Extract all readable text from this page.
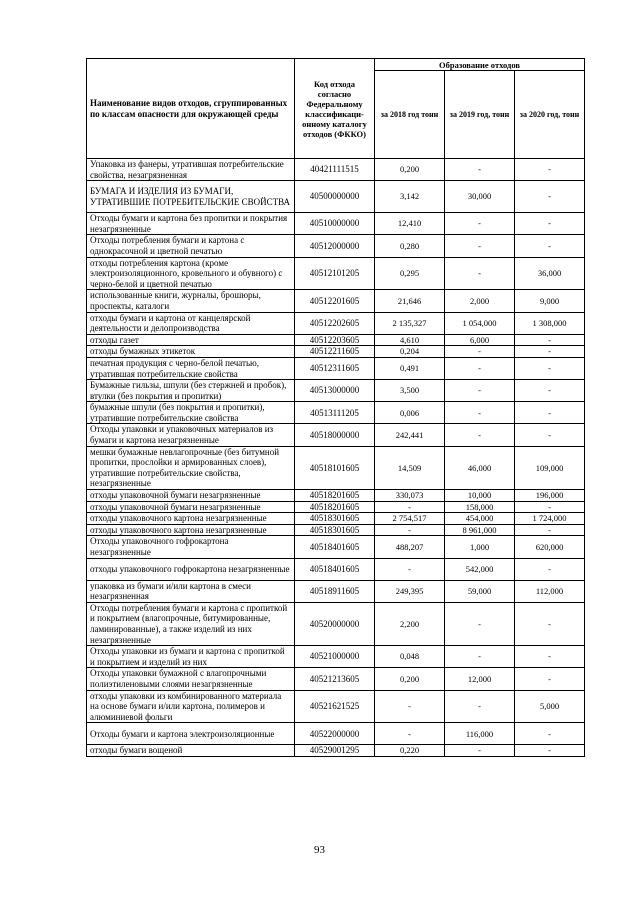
Наименование видов отходов, сгруппированных по классам опасности для окружающей среды	Код отхода согласно Федеральному классификаци-онному каталогу отходов (ФККО)	Образование отходов		
		за 2018 год тонн	за 2019 год, тонн	за 2020 год, тонн
Упаковка из фанеры, утратившая потребительские свойства, незагрязненная	40421111515	0,200	-	-
БУМАГА И ИЗДЕЛИЯ ИЗ БУМАГИ, УТРАТИВШИЕ ПОТРЕБИТЕЛЬСКИЕ СВОЙСТВА	40500000000	3,142	30,000	-
Отходы бумаги и картона без пропитки и покрытия незагрязненные	40510000000	12,410	-	-
Отходы потребления бумаги и картона с однокрасочной и цветной печатью	40512000000	0,280	-	-
отходы потребления картона (кроме электроизоляционного, кровельного и обувного) с черно-белой и цветной печатью	40512101205	0,295	-	36,000
использованные книги, журналы, брошюры, проспекты, каталоги	40512201605	21,646	2,000	9,000
отходы бумаги и картона от канцелярской деятельности и делопроизводства	40512202605	2 135,327	1 054,000	1 308,000
отходы газет	40512203605	4,610	6,000	-
отходы бумажных этикеток	40512211605	0,204	-	-
печатная продукция с черно-белой печатью, утратившая потребительские свойства	40512311605	0,491	-	-
Бумажные гильзы, шпули (без стержней и пробок), втулки (без покрытия и пропитки)	40513000000	3,500	-	-
бумажные шпули (без покрытия и пропитки), утратившие потребительские свойства	40513111205	0,006	-	-
Отходы упаковки и упаковочных материалов из бумаги и картона незагрязненные	40518000000	242,441	-	-
мешки бумажные невлагопрочные (без битумной пропитки, прослойки и армированных слоев), утратившие потребительские свойства, незагрязненные	40518101605	14,509	46,000	109,000
отходы упаковочной бумаги незагрязненные	40518201605	330,073	10,000	196,000
отходы упаковочной бумаги незагрязненные	40518201605	-	158,000	-
отходы упаковочного картона незагрязненные	40518301605	2 754,517	454,000	1 724,000
отходы упаковочного картона незагрязненные	40518301605	-	8 961,000	-
Отходы упаковочного гофрокартона незагрязненные	40518401605	488,207	1,000	620,000
отходы упаковочного гофрокартона незагрязненные	40518401605	-	542,000	-
упаковка из бумаги и/или картона в смеси незагрязненная	40518911605	249,395	59,000	112,000
Отходы потребления бумаги и картона с пропиткой и покрытием (влагопрочные, битумированные, ламинированные), а также изделий из них незагрязненные	40520000000	2,200	-	-
Отходы упаковки из бумаги и картона с пропиткой и покрытием и изделий из них	40521000000	0,048	-	-
Отходы упаковки бумажной с влагопрочными полиэтиленовыми слоями незагрязненные	40521213605	0,200	12,000	-
отходы упаковки из комбинированного материала на основе бумаги и/или картона, полимеров и алюминиевой фольги	40521621525	-	-	5,000
Отходы бумаги и картона электроизоляционные	40522000000	-	116,000	-
отходы бумаги вощеной	40529001295	0,220	-	-
93
